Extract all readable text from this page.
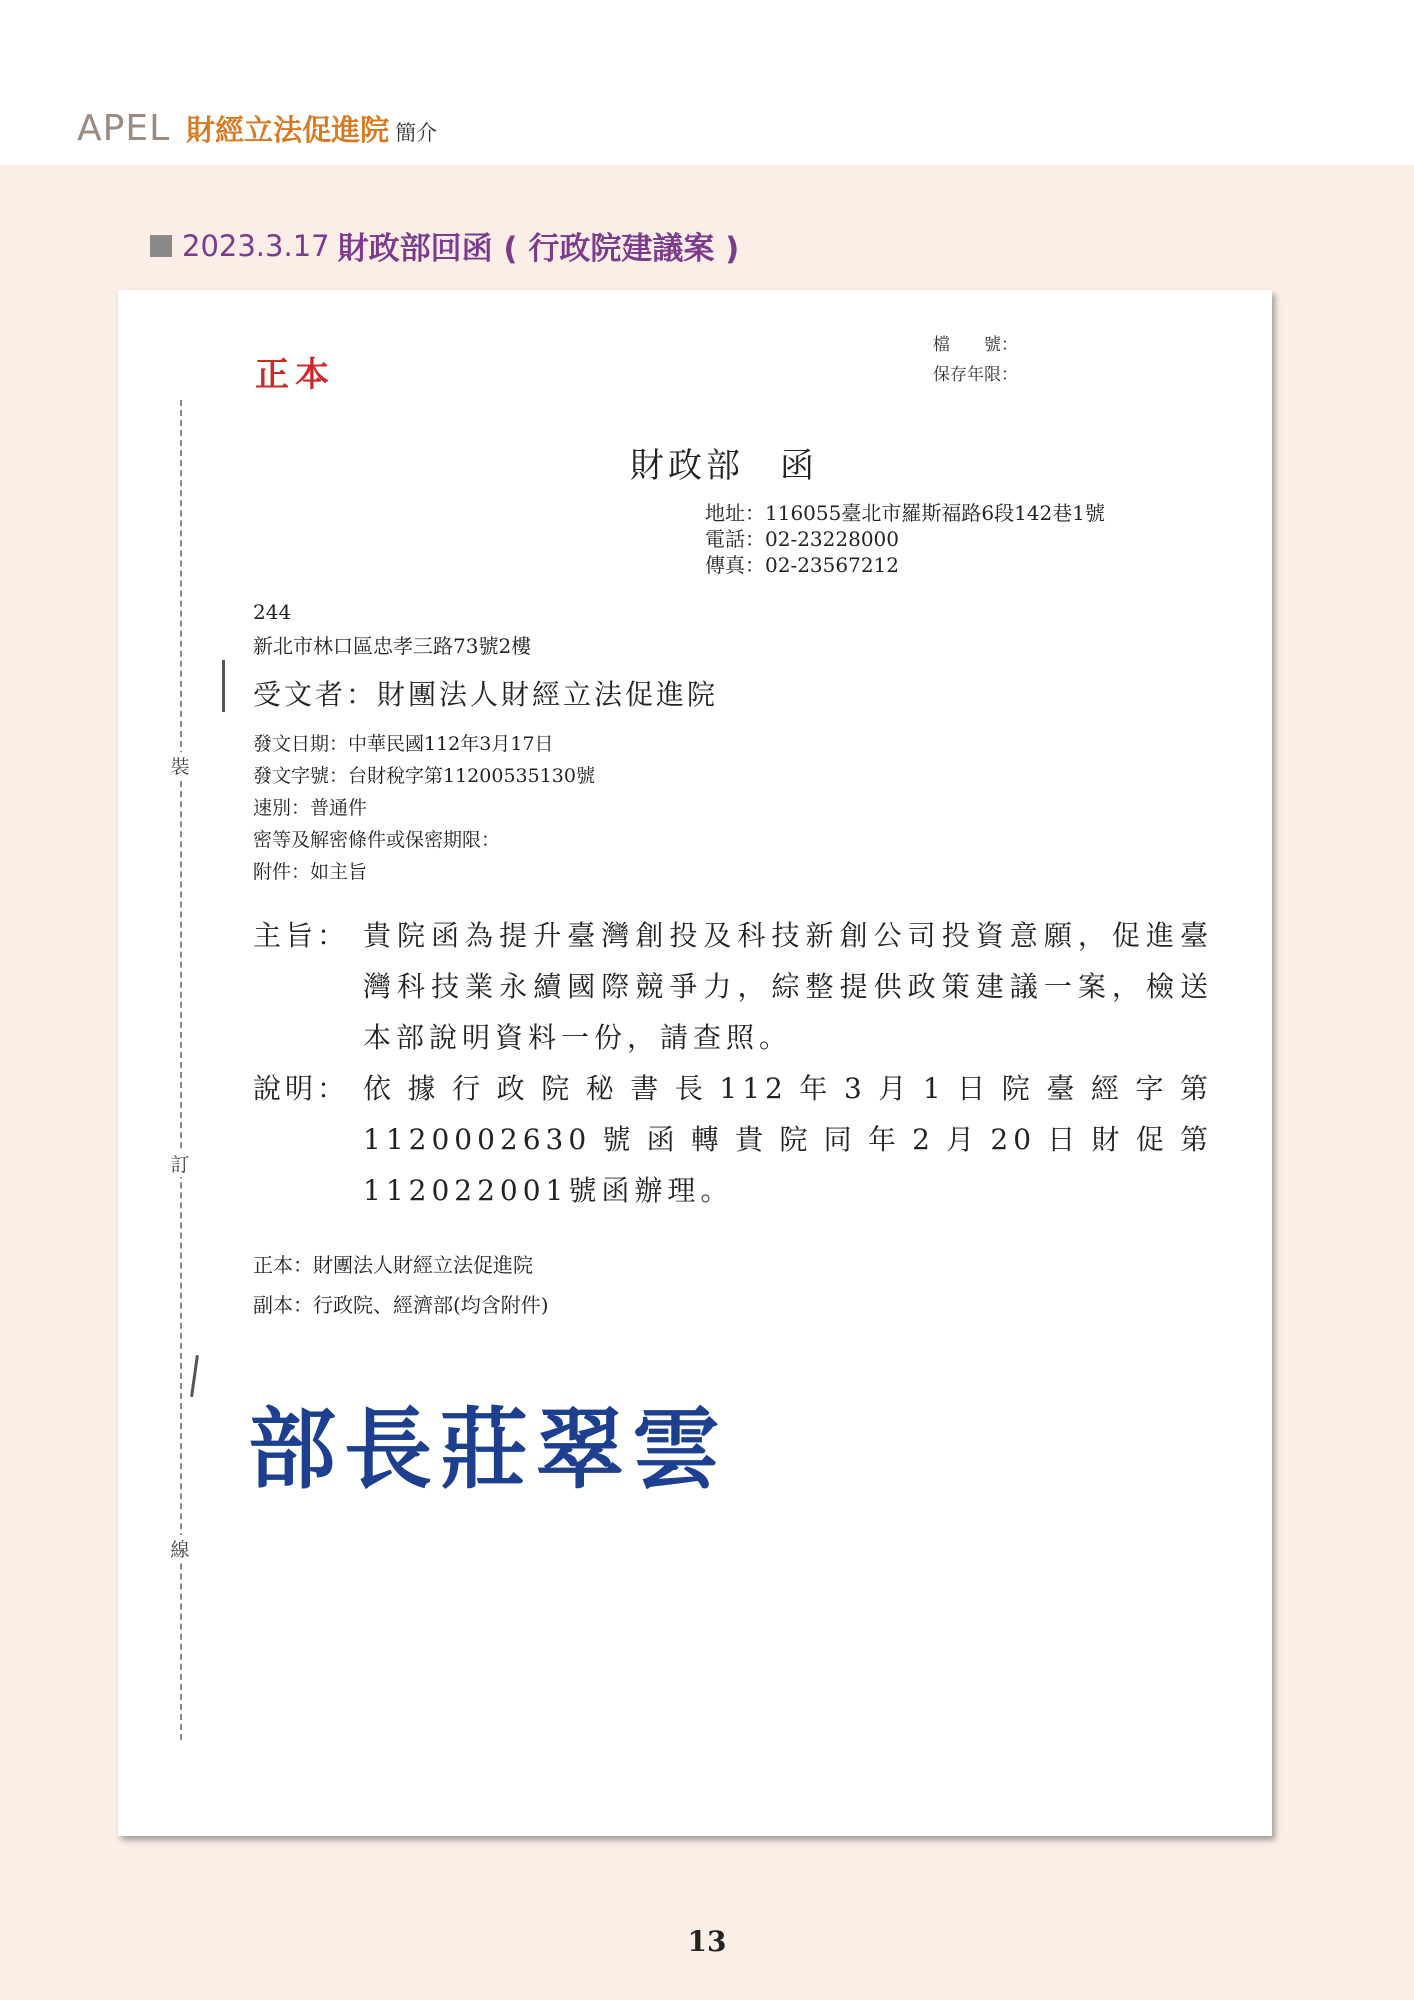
APEL 財經立法促進院 簡介
2023.3.17 財政部回函 ( 行政院建議案 )
裝
訂
線
正本
檔　　號：
保存年限：
財政部 函
地址：116055臺北市羅斯福路6段142巷1號
電話：02-23228000
傳真：02-23567212
244
新北市林口區忠孝三路73號2樓
受文者：財團法人財經立法促進院
發文日期：中華民國112年3月17日
發文字號：台財稅字第11200535130號
速別：普通件
密等及解密條件或保密期限：
附件：如主旨
主旨： 貴院函為提升臺灣創投及科技新創公司投資意願，促進臺灣科技業永續國際競爭力，綜整提供政策建議一案，檢送本部說明資料一份，請查照。
說明： 依據行政院秘書長112年3月1日院臺經字第1120002630號函轉貴院同年2月20日財促第112022001號函辦理。
正本：財團法人財經立法促進院
副本：行政院、經濟部(均含附件)
部長莊翠雲
13
